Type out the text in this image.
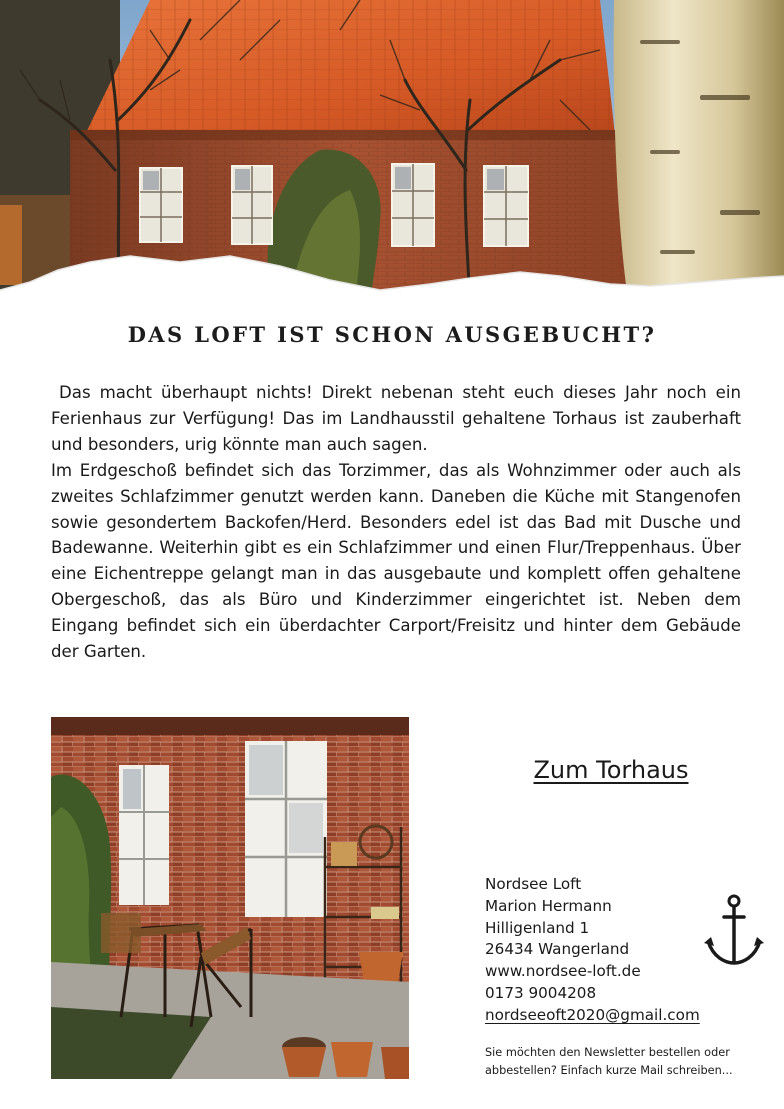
DAS LOFT IST SCHON AUSGEBUCHT?

Das macht überhaupt nichts! Direkt nebenan steht euch dieses Jahr noch ein Ferienhaus zur Verfügung! Das im Landhausstil gehaltene Torhaus ist zauberhaft und besonders, urig könnte man auch sagen.

Im Erdgeschoß befindet sich das Torzimmer, das als Wohnzimmer oder auch als zweites Schlafzimmer genutzt werden kann. Daneben die Küche mit Stangenofen sowie gesondertem Backofen/Herd. Besonders edel ist das Bad mit Dusche und Badewanne. Weiterhin gibt es ein Schlafzimmer und einen Flur/Treppenhaus. Über eine Eichentreppe gelangt man in das ausgebaute und komplett offen gehaltene Obergeschoß, das als Büro und Kinderzimmer eingerichtet ist. Neben dem Eingang befindet sich ein überdachter Carport/Freisitz und hinter dem Gebäude der Garten.

Zum Torhaus
Nordsee Loft
Marion Hermann
Hilligenland 1
26434 Wangerland
www.nordsee-loft.de
0173 9004208
nordseeoft2020@gmail.com
Sie möchten den Newsletter bestellen oder abbestellen? Einfach kurze Mail schreiben...
